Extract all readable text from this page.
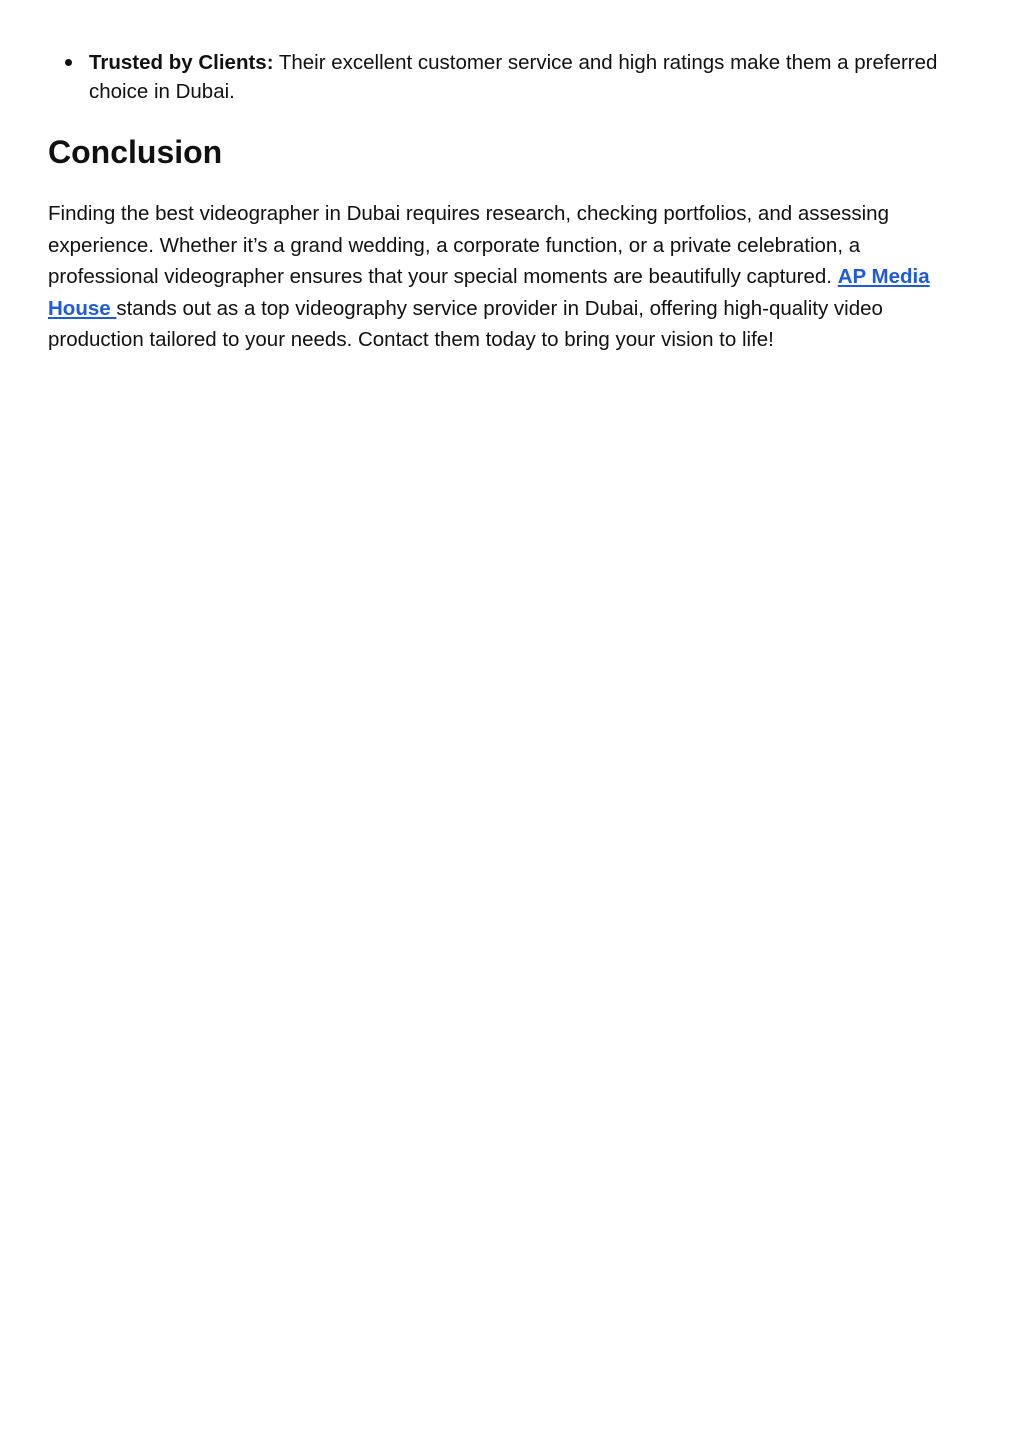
Trusted by Clients: Their excellent customer service and high ratings make them a preferred choice in Dubai.
Conclusion

Finding the best videographer in Dubai requires research, checking portfolios, and assessing experience. Whether it’s a grand wedding, a corporate function, or a private celebration, a professional videographer ensures that your special moments are beautifully captured. AP Media House stands out as a top videography service provider in Dubai, offering high-quality video production tailored to your needs. Contact them today to bring your vision to life!
